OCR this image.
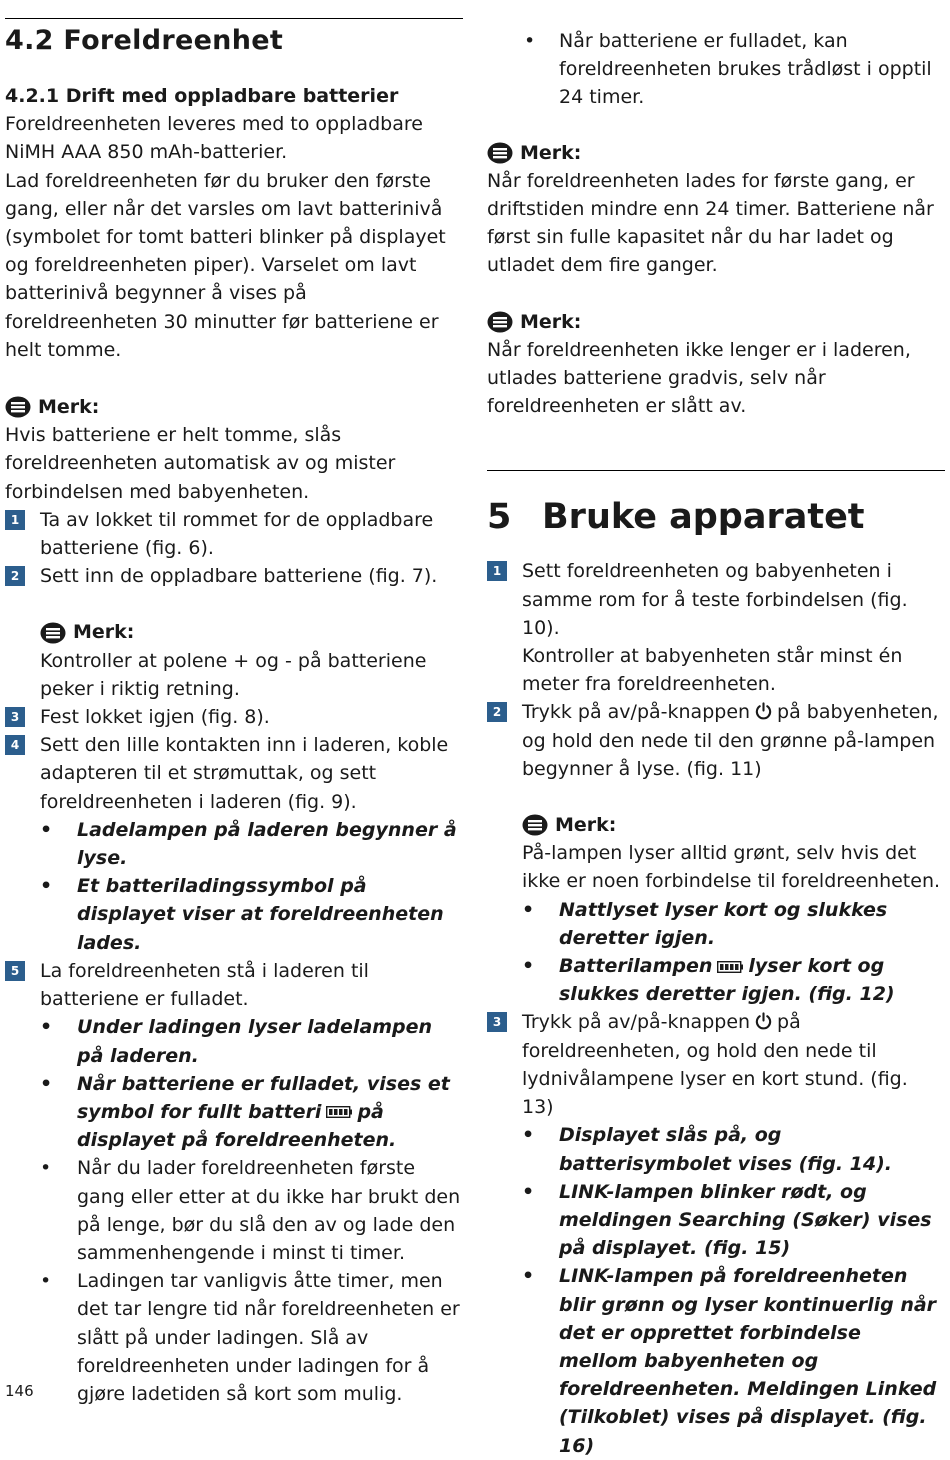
4.2 Foreldreenhet
4.2.1 Drift med oppladbare batterier

Foreldreenheten leveres med to oppladbare NiMH AAA 850 mAh-batterier.

Lad foreldreenheten før du bruker den første gang, eller når det varsles om lavt batterinivå (symbolet for tomt batteri blinker på displayet og foreldreenheten piper). Varselet om lavt batterinivå begynner å vises på foreldreenheten 30 minutter før batteriene er helt tomme.

Merk:

Hvis batteriene er helt tomme, slås foreldreenheten automatisk av og mister forbindelsen med babyenheten.

1	Ta av lokket til rommet for de oppladbare batteriene (fig. 6).
2	Sett inn de oppladbare batteriene (fig. 7).
Merk:

Kontroller at polene + og - på batteriene peker i riktig retning.

3	Fest lokket igjen (fig. 8).
4	Sett den lille kontakten inn i laderen, koble adapteren til et strømuttak, og sett foreldreenheten i laderen (fig. 9).
• Ladelampen på laderen begynner å lyse.
• Et batteriladingssymbol på displayet viser at foreldreenheten lades.
5	La foreldreenheten stå i laderen til batteriene er fulladet.
• Under ladingen lyser ladelampen på laderen.
• Når batteriene er fulladet, vises et symbol for fullt batteri på displayet på foreldreenheten.
• Når du lader foreldreenheten første gang eller etter at du ikke har brukt den på lenge, bør du slå den av og lade den sammenhengende i minst ti timer.
• Ladingen tar vanligvis åtte timer, men det tar lengre tid når foreldreenheten er slått på under ladingen. Slå av foreldreenheten under ladingen for å gjøre ladetiden så kort som mulig.
• Når batteriene er fulladet, kan foreldreenheten brukes trådløst i opptil 24 timer.
Merk:

Når foreldreenheten lades for første gang, er driftstiden mindre enn 24 timer. Batteriene når først sin fulle kapasitet når du har ladet og utladet dem fire ganger.

Merk:

Når foreldreenheten ikke lenger er i laderen, utlades batteriene gradvis, selv når foreldreenheten er slått av.

5 Bruke apparatet
1	Sett foreldreenheten og babyenheten i samme rom for å teste forbindelsen (fig. 10).
Kontroller at babyenheten står minst én meter fra foreldreenheten.
2	Trykk på av/på-knappen på babyenheten, og hold den nede til den grønne på-lampen begynner å lyse. (fig. 11)
Merk:

På-lampen lyser alltid grønt, selv hvis det ikke er noen forbindelse til foreldreenheten.

• Nattlyset lyser kort og slukkes deretter igjen.
• Batterilampen lyser kort og slukkes deretter igjen. (fig. 12)
3	Trykk på av/på-knappen på foreldreenheten, og hold den nede til lydnivålampene lyser en kort stund. (fig. 13)
• Displayet slås på, og batterisymbolet vises (fig. 14).
• LINK-lampen blinker rødt, og meldingen Searching (Søker) vises på displayet. (fig. 15)
• LINK-lampen på foreldreenheten blir grønn og lyser kontinuerlig når det er opprettet forbindelse mellom babyenheten og foreldreenheten. Meldingen Linked (Tilkoblet) vises på displayet. (fig. 16)
146
